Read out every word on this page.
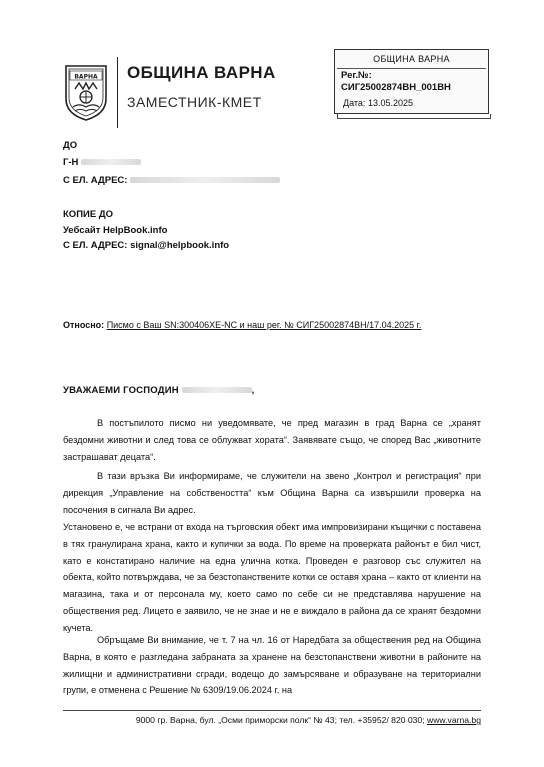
ВАРНА ОБЩИНА ВАРНА
ЗАМЕСТНИК-КМЕТ
ОБЩИНА ВАРНА
Рег.№:
СИГ25002874ВН_001ВН
Дата: 13.05.2025
ДО
Г-Н
С ЕЛ. АДРЕС:
КОПИЕ ДО
Уебсайт HelpBook.info
С ЕЛ. АДРЕС: signal@helpbook.info
Относно: Писмо с Ваш SN:300406XE-NC и наш рег. № СИГ25002874ВН/17.04.2025 г.
УВАЖАЕМИ ГОСПОДИН	,
В постъпилото писмо ни уведомявате, че пред магазин в град Варна се „хранят бездомни животни и след това се облужват хората“. Заявявате също, че според Вас „животните застрашават децата“.
В тази връзка Ви информираме, че служители на звено „Контрол и регистрация“ при дирекция „Управление на собствеността“ към Община Варна са извършили проверка на посочения в сигнала Ви адрес.
Установено е, че встрани от входа на търговския обект има импровизирани къщички с поставена в тях гранулирана храна, както и купички за вода. По време на проверката районът е бил чист, като е констатирано наличие на една улична котка. Проведен е разговор със служител на обекта, който потвърждава, че за безстопанствените котки се оставя храна – както от клиенти на магазина, така и от персонала му, което само по себе си не представлява нарушение на обществения ред. Лицето е заявило, че не знае и не е виждало в района да се хранят бездомни кучета.
Обръщаме Ви внимание, че т. 7 на чл. 16 от Наредбата за обществения ред на Община Варна, в която е разгледана забраната за хранене на безстопанствени животни в районите на жилищни и административни сгради, водещо до замърсяване и образуване на териториални групи, е отменена с Решение № 6309/19.06.2024 г. на
9000 гр. Варна, бул. „Осми приморски полк“ № 43; тел. +35952/ 820 030; www.varna.bg
